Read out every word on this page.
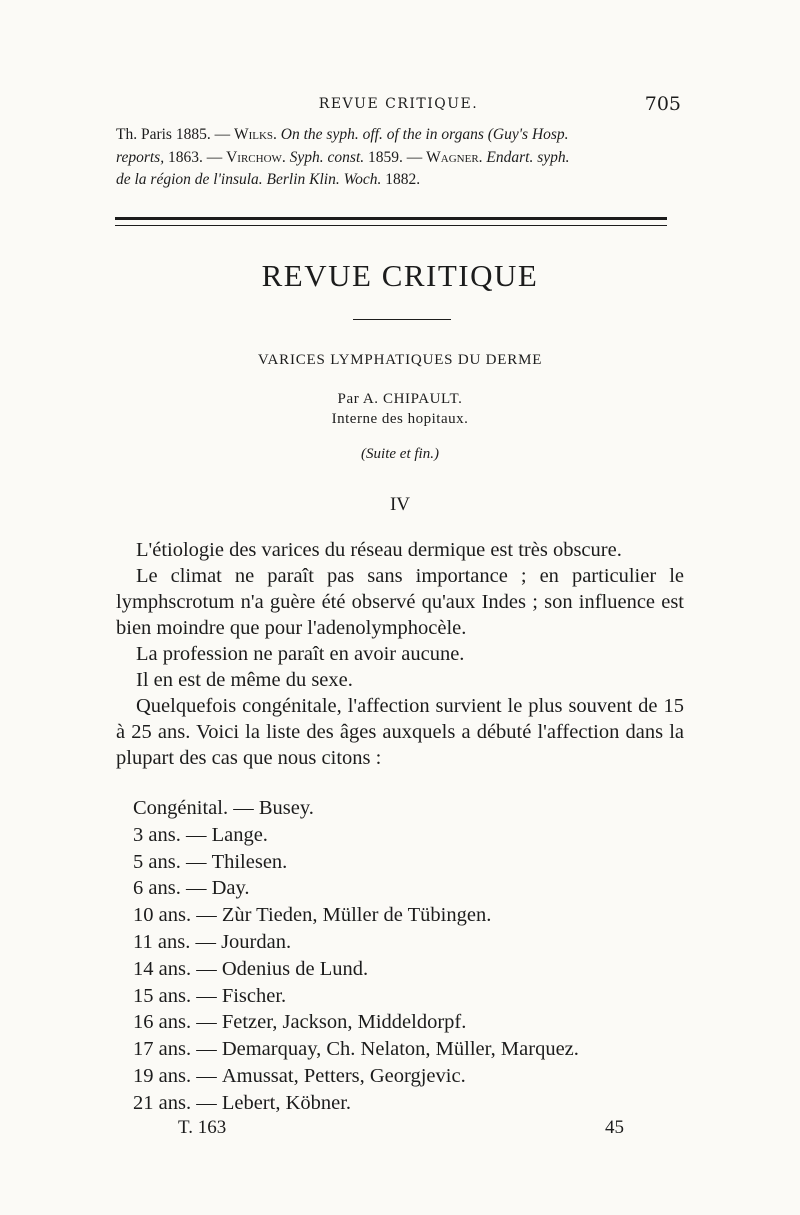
REVUE CRITIQUE.	705

Th. Paris 1885. — Wilks. On the syph. off. of the in organs (Guy's Hosp.

reports, 1863. — Virchow. Syph. const. 1859. — Wagner. Endart. syph.

de la région de l'insula. Berlin Klin. Woch. 1882.

REVUE CRITIQUE
VARICES LYMPHATIQUES DU DERME
Par A. CHIPAULT.
Interne des hopitaux.
(Suite et fin.)
IV

L'étiologie des varices du réseau dermique est très obscure.

Le climat ne paraît pas sans importance ; en particulier le lymphscrotum n'a guère été observé qu'aux Indes ; son influence est bien moindre que pour l'adenolymphocèle.

La profession ne paraît en avoir aucune.

Il en est de même du sexe.

Quelquefois congénitale, l'affection survient le plus souvent de 15 à 25 ans. Voici la liste des âges auxquels a débuté l'affection dans la plupart des cas que nous citons :

Congénital. — Busey.
3 ans. — Lange.
5 ans. — Thilesen.
6 ans. — Day.
10 ans. — Zùr Tieden, Müller de Tübingen.
11 ans. — Jourdan.
14 ans. — Odenius de Lund.
15 ans. — Fischer.
16 ans. — Fetzer, Jackson, Middeldorpf.
17 ans. — Demarquay, Ch. Nelaton, Müller, Marquez.
19 ans. — Amussat, Petters, Georgjevic.
21 ans. — Lebert, Köbner.
T. 163	45
